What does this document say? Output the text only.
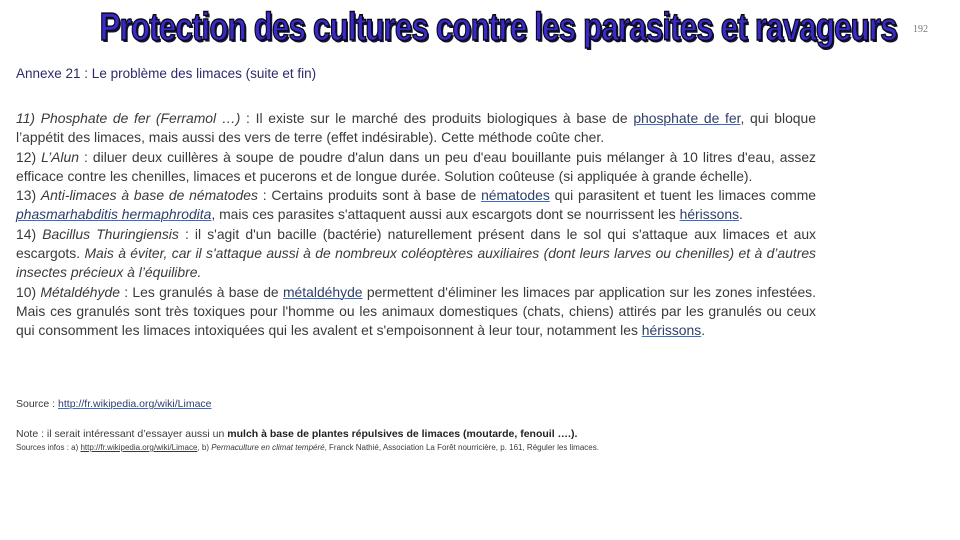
Protection des cultures contre les parasites et ravageurs	192
Annexe 21 : Le problème des limaces (suite et fin)

11) Phosphate de fer (Ferramol …) : Il existe sur le marché des produits biologiques à base de phosphate de fer, qui bloque l’appétit des limaces, mais aussi des vers de terre (effet indésirable). Cette méthode coûte cher.

12) L’Alun : diluer deux cuillères à soupe de poudre d'alun dans un peu d'eau bouillante puis mélanger à 10 litres d'eau, assez efficace contre les chenilles, limaces et pucerons et de longue durée. Solution coûteuse (si appliquée à grande échelle).

13) Anti-limaces à base de nématodes : Certains produits sont à base de nématodes qui parasitent et tuent les limaces comme phasmarhabditis hermaphrodita, mais ces parasites s'attaquent aussi aux escargots dont se nourrissent les hérissons.

14) Bacillus Thuringiensis : il s'agit d'un bacille (bactérie) naturellement présent dans le sol qui s'attaque aux limaces et aux escargots. Mais à éviter, car il s'attaque aussi à de nombreux coléoptères auxiliaires (dont leurs larves ou chenilles) et à d’autres insectes précieux à l’équilibre.

10) Métaldéhyde : Les granulés à base de métaldéhyde permettent d'éliminer les limaces par application sur les zones infestées. Mais ces granulés sont très toxiques pour l'homme ou les animaux domestiques (chats, chiens) attirés par les granulés ou ceux qui consomment les limaces intoxiquées qui les avalent et s'empoisonnent à leur tour, notamment les hérissons.

Source : http://fr.wikipedia.org/wiki/Limace
Note : il serait intéressant d’essayer aussi un mulch à base de plantes répulsives de limaces (moutarde, fenouil ….).
Sources infos : a) http://fr.wikipedia.org/wiki/Limace, b) Permaculture en climat tempéré, Franck Nathié, Association La Forêt nourricière, p. 161, Réguler les limaces.
